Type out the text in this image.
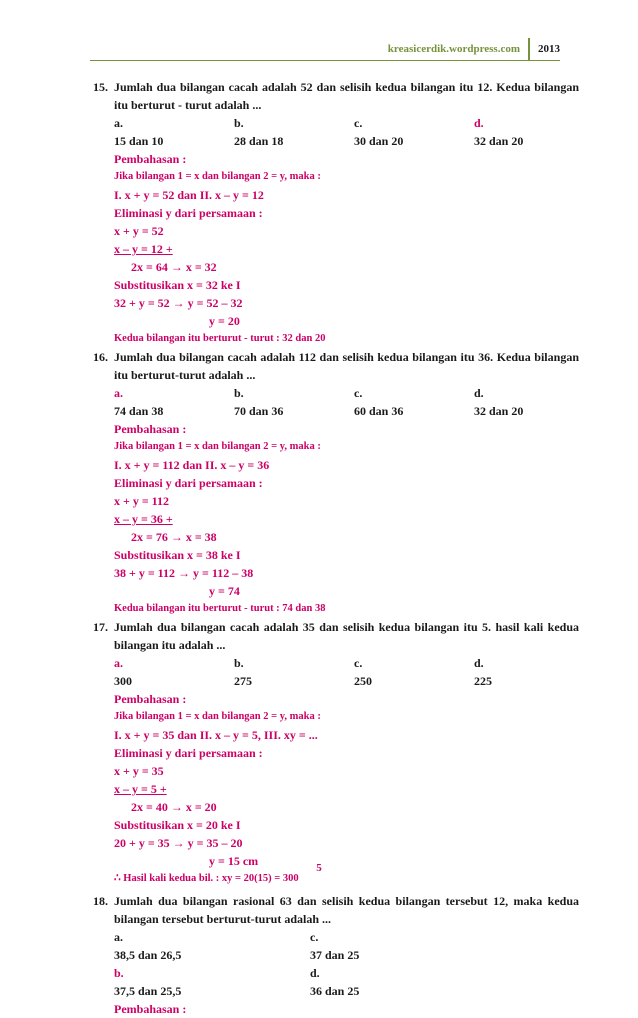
kreasicerdik.wordpress.com	2013
15. Jumlah dua bilangan cacah adalah 52 dan selisih kedua bilangan itu 12. Kedua bilangan itu berturut - turut adalah ...
a.15 dan 10
b.28 dan 18
c.30 dan 20
d.32 dan 20
Pembahasan :
Jika bilangan 1 = x dan bilangan 2 = y, maka :
I. x + y = 52 dan II. x – y = 12
Eliminasi y dari persamaan :
x + y = 52
x – y = 12 +
2x = 64 → x = 32
Substitusikan x = 32 ke I
32 + y = 52 → y = 52 – 32
y = 20
Kedua bilangan itu berturut - turut : 32 dan 20
16. Jumlah dua bilangan cacah adalah 112 dan selisih kedua bilangan itu 36. Kedua bilangan itu berturut-turut adalah ...
a.74 dan 38
b.70 dan 36
c.60 dan 36
d.32 dan 20
Pembahasan :
Jika bilangan 1 = x dan bilangan 2 = y, maka :
I. x + y = 112 dan II. x – y = 36
Eliminasi y dari persamaan :
x + y = 112
x – y = 36 +
2x = 76 → x = 38
Substitusikan x = 38 ke I
38 + y = 112 → y = 112 – 38
y = 74
Kedua bilangan itu berturut - turut : 74 dan 38
17. Jumlah dua bilangan cacah adalah 35 dan selisih kedua bilangan itu 5. hasil kali kedua bilangan itu adalah ...
a.300
b.275
c.250
d.225
Pembahasan :
Jika bilangan 1 = x dan bilangan 2 = y, maka :
I. x + y = 35 dan II. x – y = 5, III. xy = ...
Eliminasi y dari persamaan :
x + y = 35
x – y = 5 +
2x = 40 → x = 20
Substitusikan x = 20 ke I
20 + y = 35 → y = 35 – 20
y = 15 cm
∴ Hasil kali kedua bil. : xy = 20(15) = 300
18. Jumlah dua bilangan rasional 63 dan selisih kedua bilangan tersebut 12, maka kedua bilangan tersebut berturut-turut adalah ...
a.38,5 dan 26,5
c.37 dan 25
b.37,5 dan 25,5
d.36 dan 25
Pembahasan :
5
